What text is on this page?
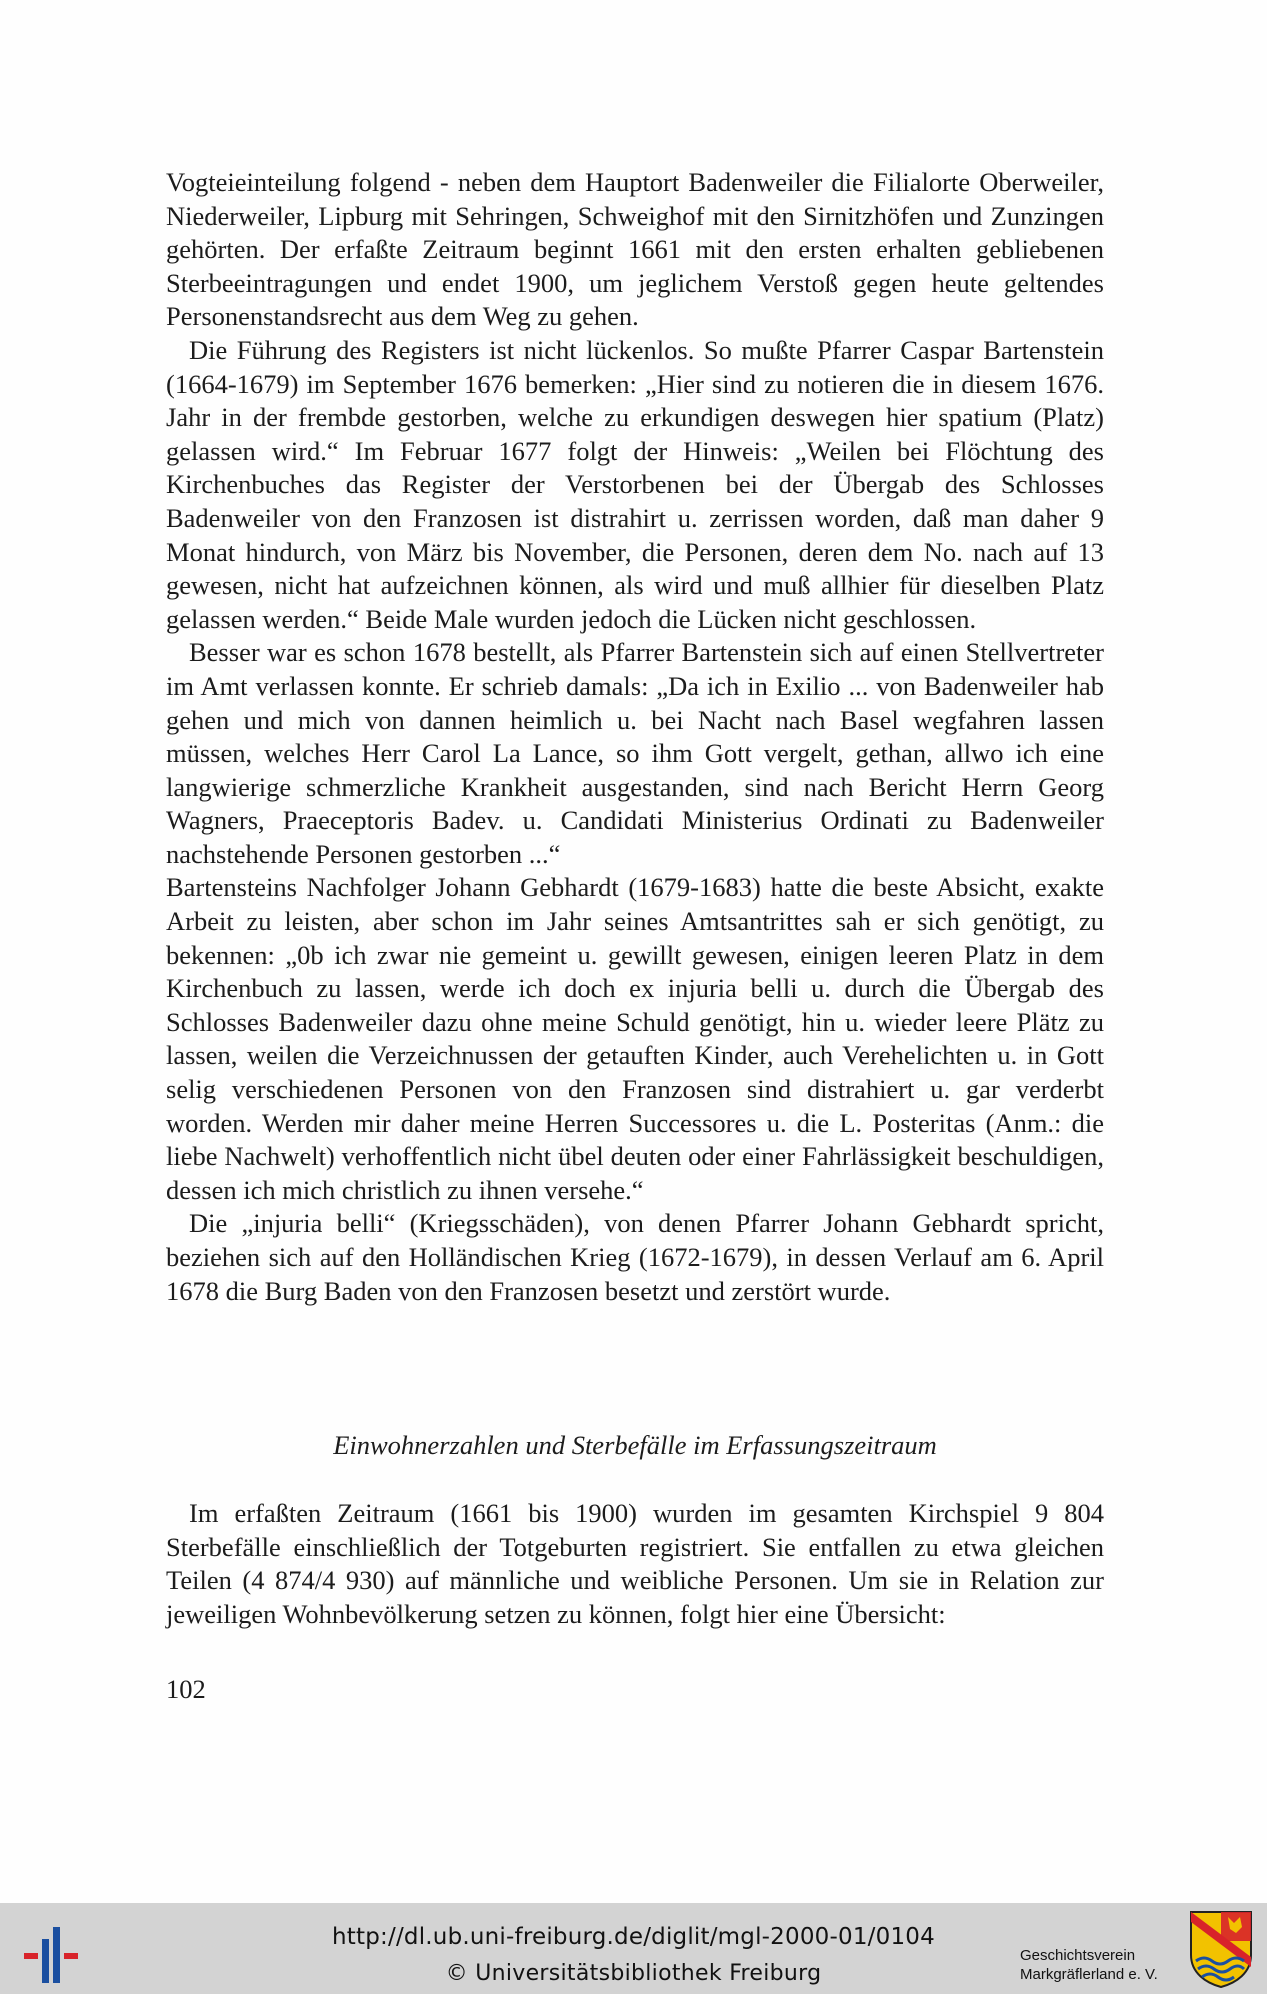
Vogteieinteilung folgend - neben dem Hauptort Badenweiler die Filialorte Oberweiler, Niederweiler, Lipburg mit Sehringen, Schweighof mit den Sirnitzhöfen und Zunzingen gehörten. Der erfaßte Zeitraum beginnt 1661 mit den ersten erhalten gebliebenen Sterbeeintragungen und endet 1900, um jeglichem Verstoß gegen heute geltendes Personenstandsrecht aus dem Weg zu gehen.

Die Führung des Registers ist nicht lückenlos. So mußte Pfarrer Caspar Bartenstein (1664-1679) im September 1676 bemerken: „Hier sind zu notieren die in diesem 1676. Jahr in der frembde gestorben, welche zu erkundigen deswegen hier spatium (Platz) gelassen wird.“ Im Februar 1677 folgt der Hinweis: „Weilen bei Flöchtung des Kirchenbuches das Register der Verstorbenen bei der Übergab des Schlosses Badenweiler von den Franzosen ist distrahirt u. zerrissen worden, daß man daher 9 Monat hindurch, von März bis November, die Personen, deren dem No. nach auf 13 gewesen, nicht hat aufzeichnen können, als wird und muß allhier für dieselben Platz gelassen werden.“ Beide Male wurden jedoch die Lücken nicht geschlossen.

Besser war es schon 1678 bestellt, als Pfarrer Bartenstein sich auf einen Stellvertreter im Amt verlassen konnte. Er schrieb damals: „Da ich in Exilio ... von Badenweiler hab gehen und mich von dannen heimlich u. bei Nacht nach Basel wegfahren lassen müssen, welches Herr Carol La Lance, so ihm Gott vergelt, gethan, allwo ich eine langwierige schmerzliche Krankheit ausgestanden, sind nach Bericht Herrn Georg Wagners, Praeceptoris Badev. u. Candidati Ministerius Ordinati zu Badenweiler nachstehende Personen gestorben ...“

Bartensteins Nachfolger Johann Gebhardt (1679-1683) hatte die beste Absicht, exakte Arbeit zu leisten, aber schon im Jahr seines Amtsantrittes sah er sich genötigt, zu bekennen: „0b ich zwar nie gemeint u. gewillt gewesen, einigen leeren Platz in dem Kirchenbuch zu lassen, werde ich doch ex injuria belli u. durch die Übergab des Schlosses Badenweiler dazu ohne meine Schuld genötigt, hin u. wieder leere Plätz zu lassen, weilen die Verzeichnussen der getauften Kinder, auch Verehelichten u. in Gott selig verschiedenen Personen von den Franzosen sind distrahiert u. gar verderbt worden. Werden mir daher meine Herren Successores u. die L. Posteritas (Anm.: die liebe Nachwelt) verhoffentlich nicht übel deuten oder einer Fahrlässigkeit beschuldigen, dessen ich mich christlich zu ihnen versehe.“

Die „injuria belli“ (Kriegsschäden), von denen Pfarrer Johann Gebhardt spricht, beziehen sich auf den Holländischen Krieg (1672-1679), in dessen Verlauf am 6. April 1678 die Burg Baden von den Franzosen besetzt und zerstört wurde.

Einwohnerzahlen und Sterbefälle im Erfassungszeitraum

Im erfaßten Zeitraum (1661 bis 1900) wurden im gesamten Kirchspiel 9 804 Sterbefälle einschließlich der Totgeburten registriert. Sie entfallen zu etwa gleichen Teilen (4 874/4 930) auf männliche und weibliche Personen. Um sie in Relation zur jeweiligen Wohnbevölkerung setzen zu können, folgt hier eine Übersicht:

102
http://dl.ub.uni-freiburg.de/diglit/mgl-2000-01/0104
© Universitätsbibliothek Freiburg
Geschichtsverein
Markgräflerland e. V.
